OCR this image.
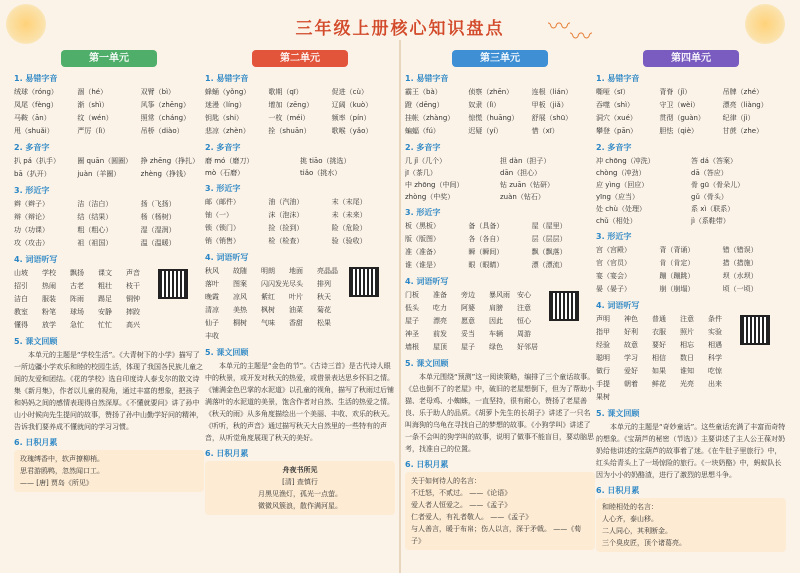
三年级上册核心知识盘点	〰 〰
第一单元
1. 易错字音
绒球（róng）	涸（hé）	双臂（bì）
凤尾（fèng）	渐（shì）	风筝（zhēng）
马鞍（ān）	纹（wén）	照常（cháng）
甩（shuǎi）	严厉（lì）	吊桥（diào）
2. 多音字
扒 pá（扒手）	圈 quān（圆圈）	挣 zhēng（挣扎）
bā（扒开）	juàn（羊圈）	zhèng（挣钱）
3. 形近字
辫（辫子）	洁（洁白）	扬（飞扬）
辩（辩论）	结（结果）	杨（杨树）
功（功课）	粗（粗心）	湿（湿润）
攻（攻击）	祖（祖国）	温（温暖）
4. 词语听写
山坡	学校	飘扬	课文	声音
招引	热闹	古老	粗壮	枝干
洁白	服装	阵雨	踢足	铜钟
教室	粉笔	球场	安静	摔跤
懂得	放学	急忙	忙忙	高兴
5. 课文回顾

本单元的主题是“学校生活”。《大青树下的小学》描写了一所边疆小学欢乐和睦的校园生活，体现了我国各民族儿童之间的友爱和团结。《花的学校》选自印度诗人泰戈尔的散文诗集《新月集》，作者以儿童的视角，通过丰富的想象，把孩子和妈妈之间的感情表现得自然深厚。《不懂就要问》讲了孙中山小时候向先生提问的故事，赞扬了孙中山勤学好问的精神，告诉我们要养成不懂就问的学习习惯。

6. 日积月累
玫瑰缚香中，软声撩柳梢。
思君游鸥鸭，忽然闻口工。
—— [唐] 贾岛《所见》
第二单元
1. 易错字音
蜂蛹（yǒng）	歌期（qī）	促进（cù）
迷漫（líng）	增加（zēng）	辽阔（kuò）
钥匙（shi）	一枚（méi）	频率（pín）
悲凉（zhèn）	拴（shuān）	歌喉（yǎo）
2. 多音字
磨 mó（磨刀）	挑 tiāo（挑选）
mò（石磨）	tiǎo（挑水）
3. 形近字
邮（邮件）	油（汽油）	末（末尾）
铀（一）	沫（泡沫）	未（未来）
锁（锁门）	捡（捡到）	险（危险）
销（销售）	检（检查）	验（验收）
4. 词语听写
秋风	故随	明朗	地面	亮晶晶
落叶	图案	闪闪发光 尽头	排列
晚霞	凉风	紫红	叶片	秋天
清凉	美热	枫树	油菜	菊花
仙子	桐树	气味	香甜	松果
丰收
5. 课文回顾

本单元的主题是“金色的节”。《古诗三首》是古代诗人眼中的秋景，或开发对秋天的热爱，或借景表达思乡怀旧之情。《铺满金色巴掌的水泥道》以孔童的视角，描写了秋雨过后铺满落叶的水泥道的美景，饱含作者对自然、生活的热爱之情。《秋天的雨》从多角度描绘出一个美丽、丰收、欢乐的秋天。《听听，秋的声音》通过描写秋天大自然里的一些特有的声音，从听觉角度展现了秋天的美好。

6. 日积月累
舟夜书所见
[清] 查慎行
月黑见渔灯，孤光一点萤。
微微风簇浪，散作满河星。
第三单元
1. 易错字音
霸王（bà）	侦察（zhēn）	连根（lián）
蹬（dēng）	奴隶（lì）	甲板（jiǎ）
挂帐（zhàng）	惊慌（huāng）	舒展（shū）
蝙蝠（fú）	迟疑（yí）	惜（xī）
2. 多音字
几 jǐ（几个）	担 dàn（担子）
jī（茶几）	dān（担心）
中 zhōng（中间）	钻 zuān（钻研）
zhòng（中奖）	zuàn（钻石）
3. 形近字
板（黑板）	备（具备）	屋（屋里）
版（版图）	各（各自）	层（层层）
准（准备）	瞬（瞬间）	飘（飘落）
谁（谁是）	眼（眼睛）	漂（漂流）
4. 词语听写
门板	准备	旁边	暴风雨	安心
低头	吃力	阿婆	肩膀	注意
屋子	漂亮	愿意	因此	恒心
神圣	前发	妥当	车辆	周游
墙根	屋顶	屋子	绿色	好邻居
5. 课文回顾

本单元围绕“预测”这一阅读策略，编排了三个童话故事。《总也倒不了的老屋》中，破旧的老屋想倒下，但为了帮助小猫、老母鸡、小蜘蛛，一直坚持，很有耐心，赞扬了老屋善良、乐于助人的品质。《胡萝卜先生的长胡子》讲述了一只名叫海狗的乌龟在寻找自己的梦想的故事。《小狗学叫》讲述了一条不会叫的狗学叫的故事，说明了做事不能盲目，要动脑思考，找准自己的位置。

6. 日积月累
关于如何待人的名言：
不迁怒，不贰过。 ——《论语》
爱人者人恒爱之。 ——《孟子》
仁者爱人，有礼者敬人。 ——《孟子》
与人善言，暖于布帛；伤人以言，深于矛戟。 ——《荀子》
第四单元
1. 易错字音
嘶哑（sī）	背脊（jǐ）	吊牌（zhé）
吞噬（shì）	守卫（wèi）	漂亮（liàng）
洞穴（xué）	贯彻（guàn）	纪律（jì）
攀登（pān）	胆怯（qiè）	甘蔗（zhe）
2. 多音字
冲 chōng（冲洗）	答 dá（答案）
chòng（冲劲）	dā（答应）
应 yìng（回应）	骨 gū（骨朵儿）
yīng（应当）	gǔ（骨头）
处 chù（处理）	系 xì（联系）
chǔ（相处）	jì（系鞋带）
3. 形近字
宫（宫殿）	背（背诵）	错（错误）
官（官员）	肯（肯定）	措（措施）
宴（宴会）	蹦（蹦跳）	坝（水坝）
晏（晏子）	崩（崩塌）	顷（一顷）
4. 词语听写
声明	神色	普通	注意	条件
指甲	好利	衣服	照片	实验
经验	故意	要好	相忘	相遇
聪明	学习	相信	数日	科学
做行	爱好	如果	谁知	吃惊
手提	朝着	鲜花	光亮	出来
果树
5. 课文回顾

本单元的主题是“奇妙童话”。这些童话充满了丰富而奇特的想象。《宝葫芦的秘密（节选）》主要讲述了主人公王葆对奶奶给他讲述的宝葫芦的故事着了迷。《在牛肚子里旅行》中，红头给青头上了一场惊险的旅行。《一块奶酪》中，蚂蚁队长因为小小的奶酪渣，进行了激烈的思想斗争。

6. 日积月累
和睦相处的名言：
人心齐，泰山移。
二人同心，其利断金。
三个臭皮匠，顶个诸葛亮。
